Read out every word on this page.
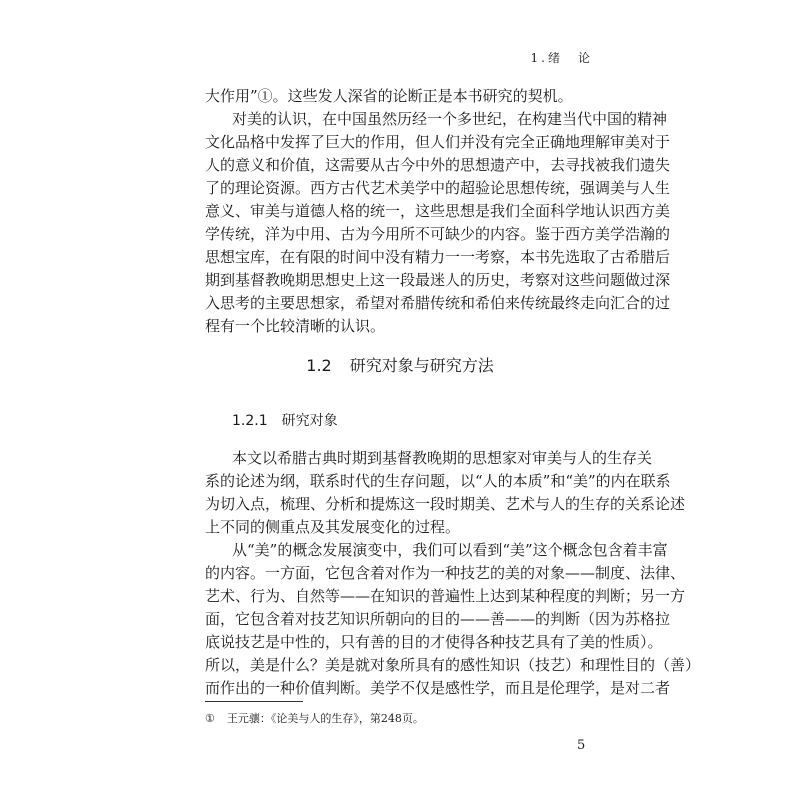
1.绪　论
大作用”①。这些发人深省的论断正是本书研究的契机。
对美的认识，在中国虽然历经一个多世纪，在构建当代中国的精神
文化品格中发挥了巨大的作用，但人们并没有完全正确地理解审美对于
人的意义和价值，这需要从古今中外的思想遗产中，去寻找被我们遗失
了的理论资源。西方古代艺术美学中的超验论思想传统，强调美与人生
意义、审美与道德人格的统一，这些思想是我们全面科学地认识西方美
学传统，洋为中用、古为今用所不可缺少的内容。鉴于西方美学浩瀚的
思想宝库，在有限的时间中没有精力一一考察，本书先选取了古希腊后
期到基督教晚期思想史上这一段最迷人的历史，考察对这些问题做过深
入思考的主要思想家，希望对希腊传统和希伯来传统最终走向汇合的过
程有一个比较清晰的认识。
1.2 研究对象与研究方法
1.2.1 研究对象
本文以希腊古典时期到基督教晚期的思想家对审美与人的生存关
系的论述为纲，联系时代的生存问题，以“人的本质”和“美”的内在联系
为切入点，梳理、分析和提炼这一段时期美、艺术与人的生存的关系论述
上不同的侧重点及其发展变化的过程。
从“美”的概念发展演变中，我们可以看到“美”这个概念包含着丰富
的内容。一方面，它包含着对作为一种技艺的美的对象——制度、法律、
艺术、行为、自然等——在知识的普遍性上达到某种程度的判断；另一方
面，它包含着对技艺知识所朝向的目的——善——的判断（因为苏格拉
底说技艺是中性的，只有善的目的才使得各种技艺具有了美的性质）。
所以，美是什么？美是就对象所具有的感性知识（技艺）和理性目的（善）
而作出的一种价值判断。美学不仅是感性学，而且是伦理学，是对二者
① 王元骧：《论美与人的生存》，第248页。
5
